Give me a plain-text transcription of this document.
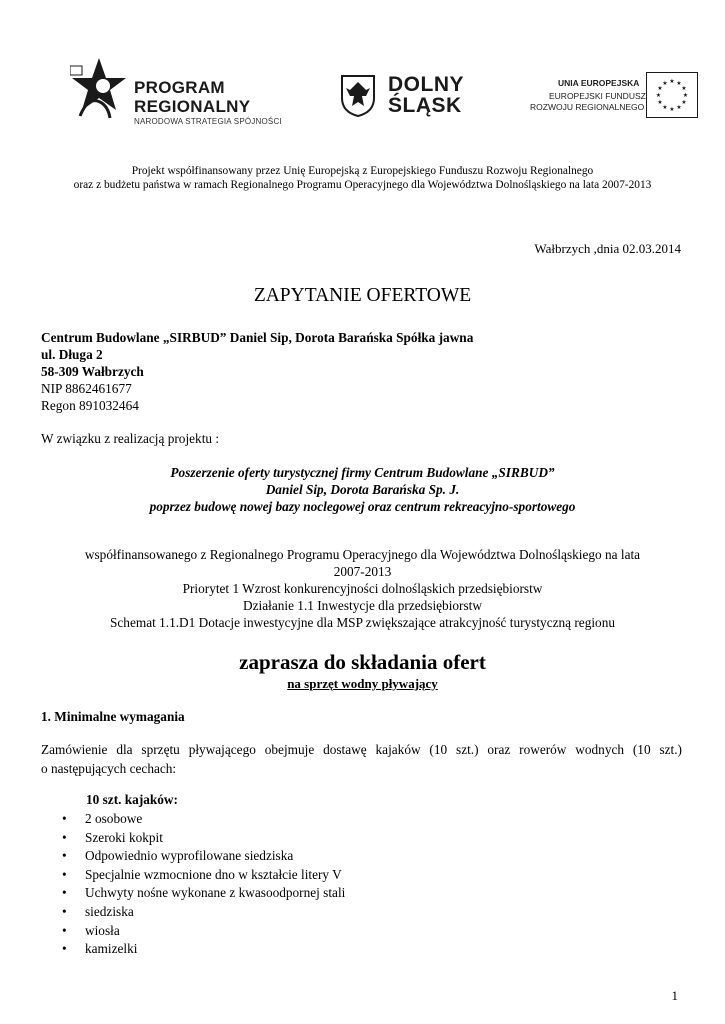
PROGRAM
REGIONALNY
NARODOWA STRATEGIA SPÓJNOŚCI
DOLNY
ŚLĄSK
UNIA EUROPEJSKA
EUROPEJSKI FUNDUSZ
ROZWOJU REGIONALNEGO
★ ★
★
★
★
★
★
★
★
★
★
★
Projekt współfinansowany przez Unię Europejską z Europejskiego Funduszu Rozwoju Regionalnego
oraz z budżetu państwa w ramach Regionalnego Programu Operacyjnego dla Województwa Dolnośląskiego na lata 2007-2013
Wałbrzych ,dnia 02.03.2014
ZAPYTANIE OFERTOWE
Centrum Budowlane „SIRBUD” Daniel Sip, Dorota Barańska Spółka jawna
ul. Długa 2
58-309 Wałbrzych
NIP 8862461677
Regon 891032464
W związku z realizacją projektu :
Poszerzenie oferty turystycznej firmy Centrum Budowlane „SIRBUD”
Daniel Sip, Dorota Barańska Sp. J.
poprzez budowę nowej bazy noclegowej oraz centrum rekreacyjno-sportowego
współfinansowanego z Regionalnego Programu Operacyjnego dla Województwa Dolnośląskiego na lata
2007-2013
Priorytet 1 Wzrost konkurencyjności dolnośląskich przedsiębiorstw
Działanie 1.1 Inwestycje dla przedsiębiorstw
Schemat 1.1.D1 Dotacje inwestycyjne dla MSP zwiększające atrakcyjność turystyczną regionu
zaprasza do składania ofert
na sprzęt wodny pływający
1. Minimalne wymagania
Zamówienie dla sprzętu pływającego obejmuje dostawę kajaków (10 szt.) oraz rowerów wodnych (10 szt.)
o następujących cechach:
10 szt. kajaków:
• 2 osobowe
• Szeroki kokpit
• Odpowiednio wyprofilowane siedziska
• Specjalnie wzmocnione dno w kształcie litery V
• Uchwyty nośne wykonane z kwasoodpornej stali
• siedziska
• wiosła
• kamizelki
1
